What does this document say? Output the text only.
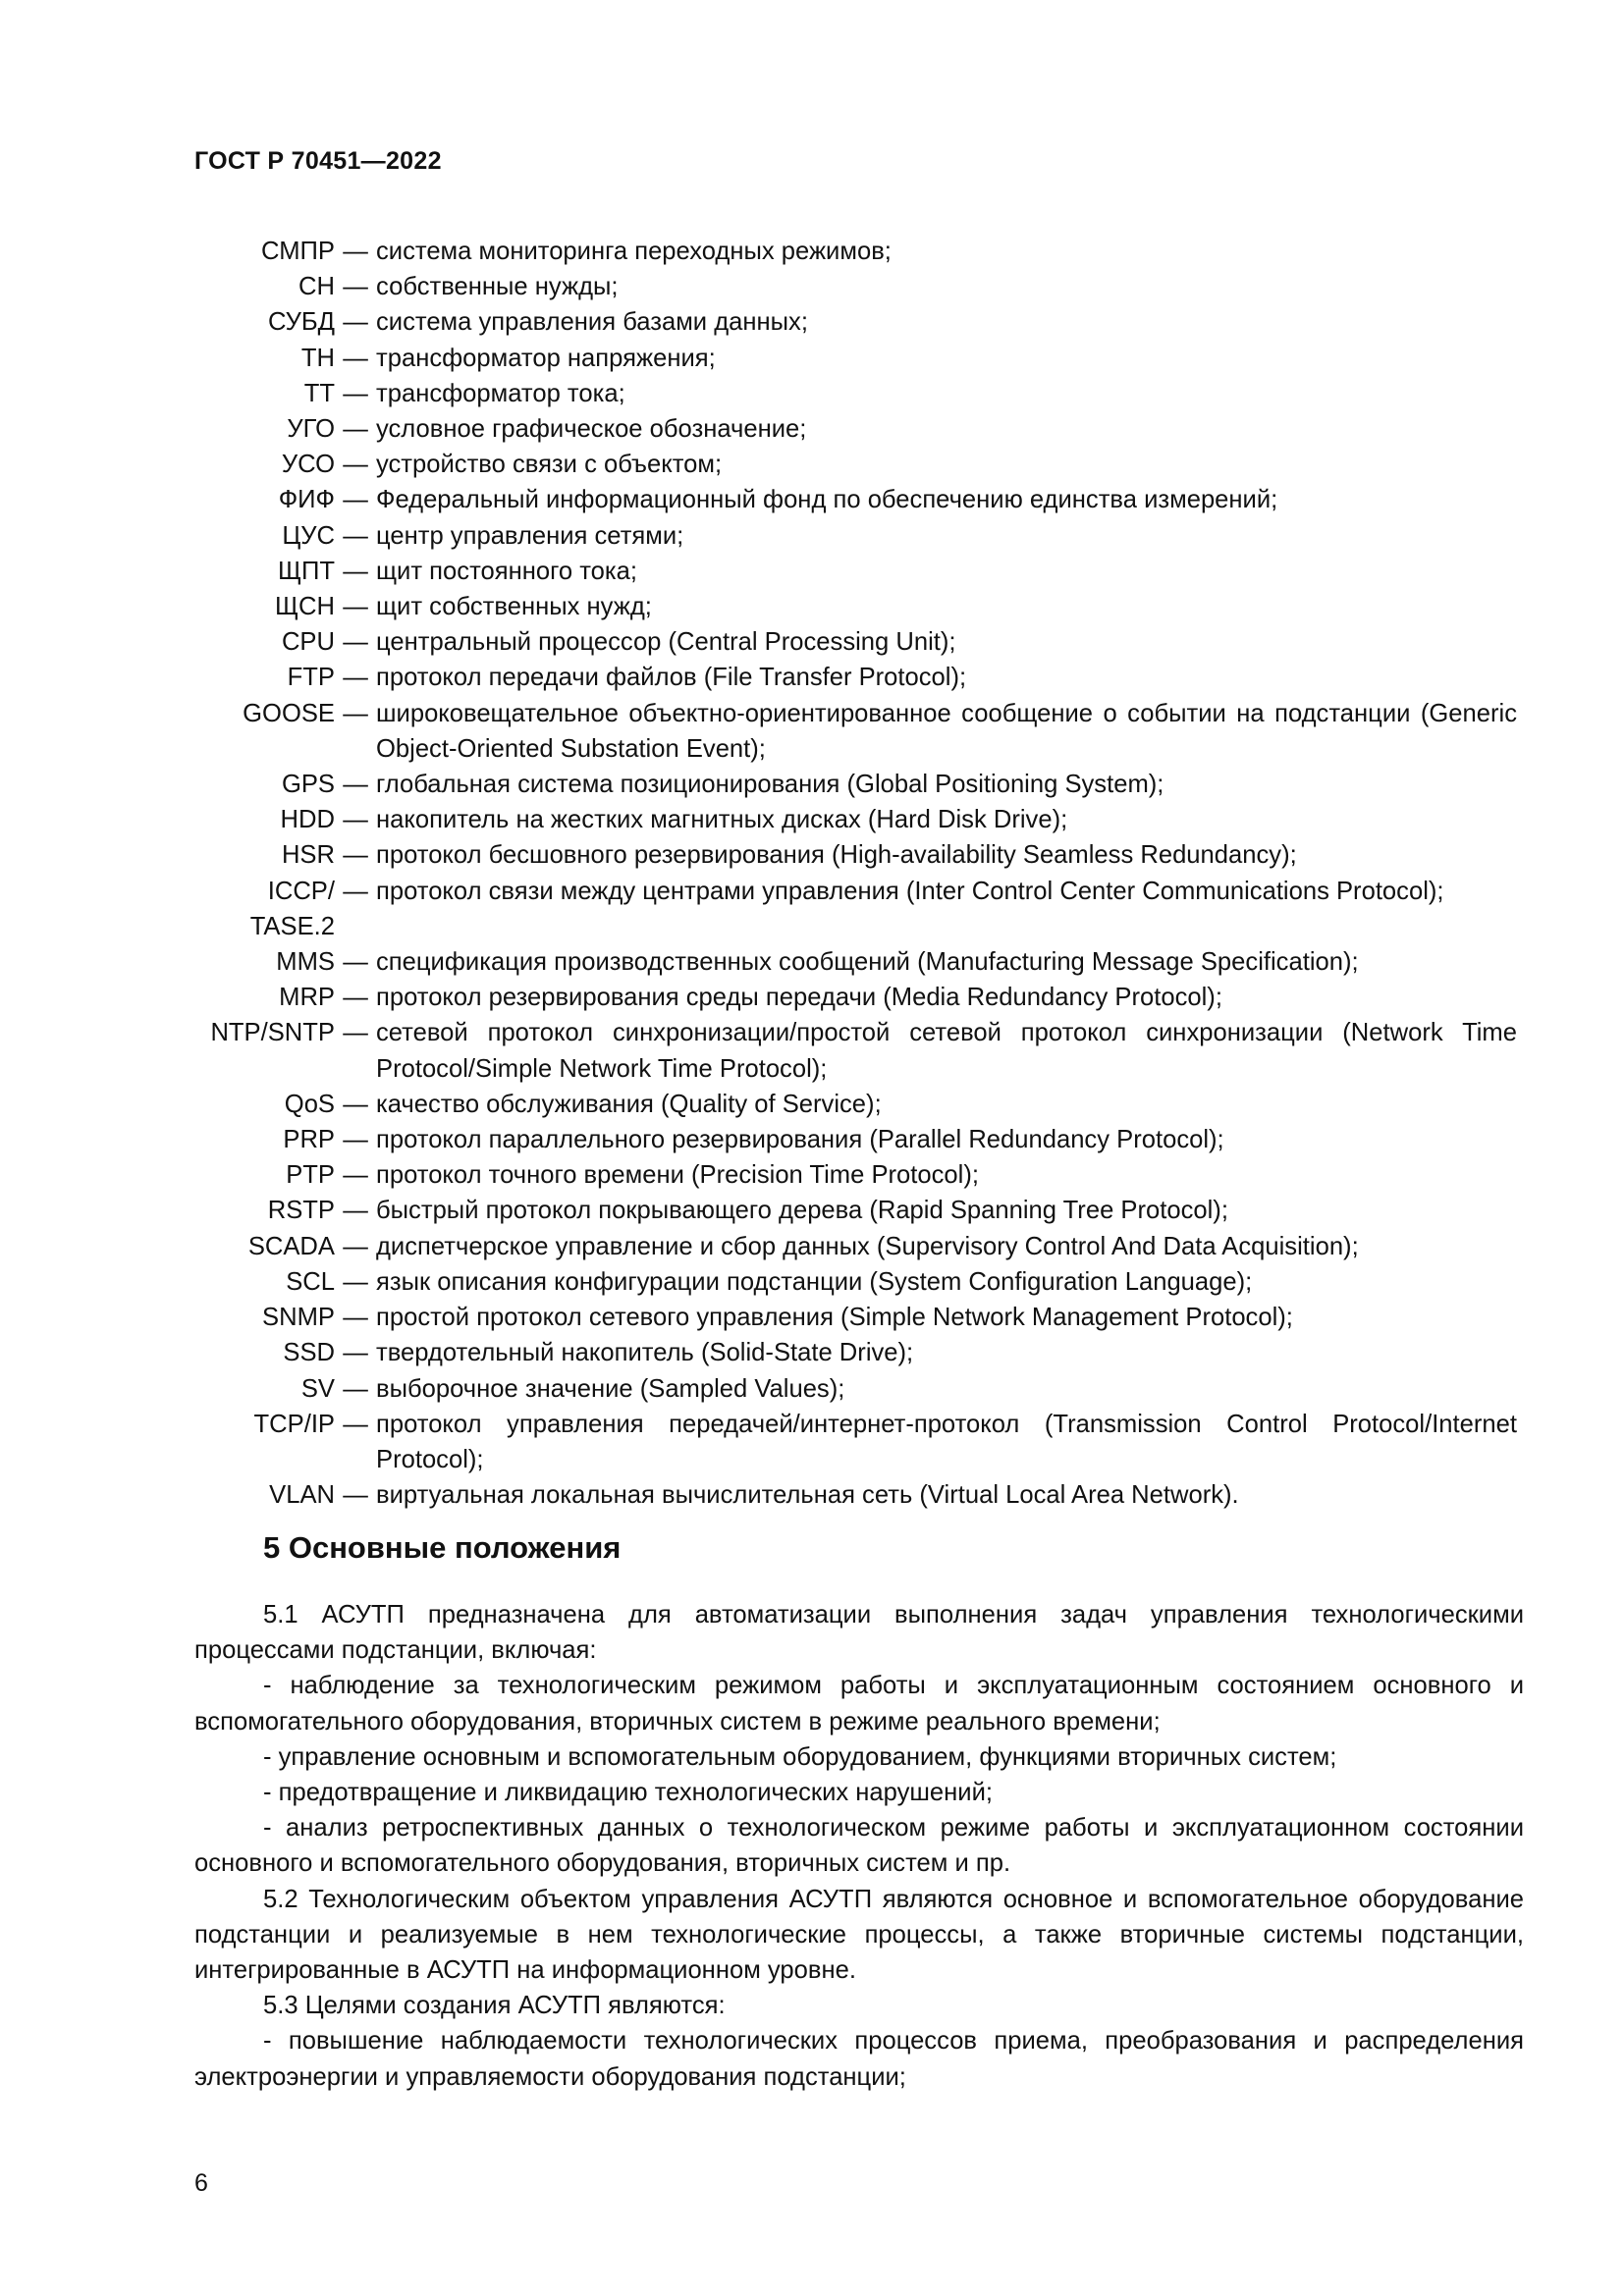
ГОСТ Р 70451—2022
СМПР — система мониторинга переходных режимов;
СН — собственные нужды;
СУБД — система управления базами данных;
ТН — трансформатор напряжения;
ТТ — трансформатор тока;
УГО — условное графическое обозначение;
УСО — устройство связи с объектом;
ФИФ — Федеральный информационный фонд по обеспечению единства измерений;
ЦУС — центр управления сетями;
ЩПТ — щит постоянного тока;
ЩСН — щит собственных нужд;
CPU — центральный процессор (Central Processing Unit);
FTP — протокол передачи файлов (File Transfer Protocol);
GOOSE — широковещательное объектно-ориентированное сообщение о событии на подстанции (Generic Object-Oriented Substation Event);
GPS — глобальная система позиционирования (Global Positioning System);
HDD — накопитель на жестких магнитных дисках (Hard Disk Drive);
HSR — протокол бесшовного резервирования (High-availability Seamless Redundancy);
ICCP/ TASE.2
— протокол связи между центрами управления (Inter Control Center Communications Protocol);
MMS — спецификация производственных сообщений (Manufacturing Message Specification);
MRP — протокол резервирования среды передачи (Media Redundancy Protocol);
NTP/SNTP — сетевой протокол синхронизации/простой сетевой протокол синхронизации (Network Time Protocol/Simple Network Time Protocol);
QoS — качество обслуживания (Quality of Service);
PRP — протокол параллельного резервирования (Parallel Redundancy Protocol);
PTP — протокол точного времени (Precision Time Protocol);
RSTP — быстрый протокол покрывающего дерева (Rapid Spanning Tree Protocol);
SCADA — диспетчерское управление и сбор данных (Supervisory Control And Data Acquisition);
SCL — язык описания конфигурации подстанции (System Configuration Language);
SNMP — простой протокол сетевого управления (Simple Network Management Protocol);
SSD — твердотельный накопитель (Solid-State Drive);
SV — выборочное значение (Sampled Values);
TCP/IP — протокол управления передачей/интернет-протокол (Transmission Control Protocol/Internet Protocol);
VLAN — виртуальная локальная вычислительная сеть (Virtual Local Area Network).
5 Основные положения

5.1 АСУТП предназначена для автоматизации выполнения задач управления технологическими процессами подстанции, включая:

- наблюдение за технологическим режимом работы и эксплуатационным состоянием основного и вспомогательного оборудования, вторичных систем в режиме реального времени;

- управление основным и вспомогательным оборудованием, функциями вторичных систем;

- предотвращение и ликвидацию технологических нарушений;

- анализ ретроспективных данных о технологическом режиме работы и эксплуатационном состоянии основного и вспомогательного оборудования, вторичных систем и пр.

5.2 Технологическим объектом управления АСУТП являются основное и вспомогательное оборудование подстанции и реализуемые в нем технологические процессы, а также вторичные системы подстанции, интегрированные в АСУТП на информационном уровне.

5.3 Целями создания АСУТП являются:

- повышение наблюдаемости технологических процессов приема, преобразования и распределения электроэнергии и управляемости оборудования подстанции;

6
